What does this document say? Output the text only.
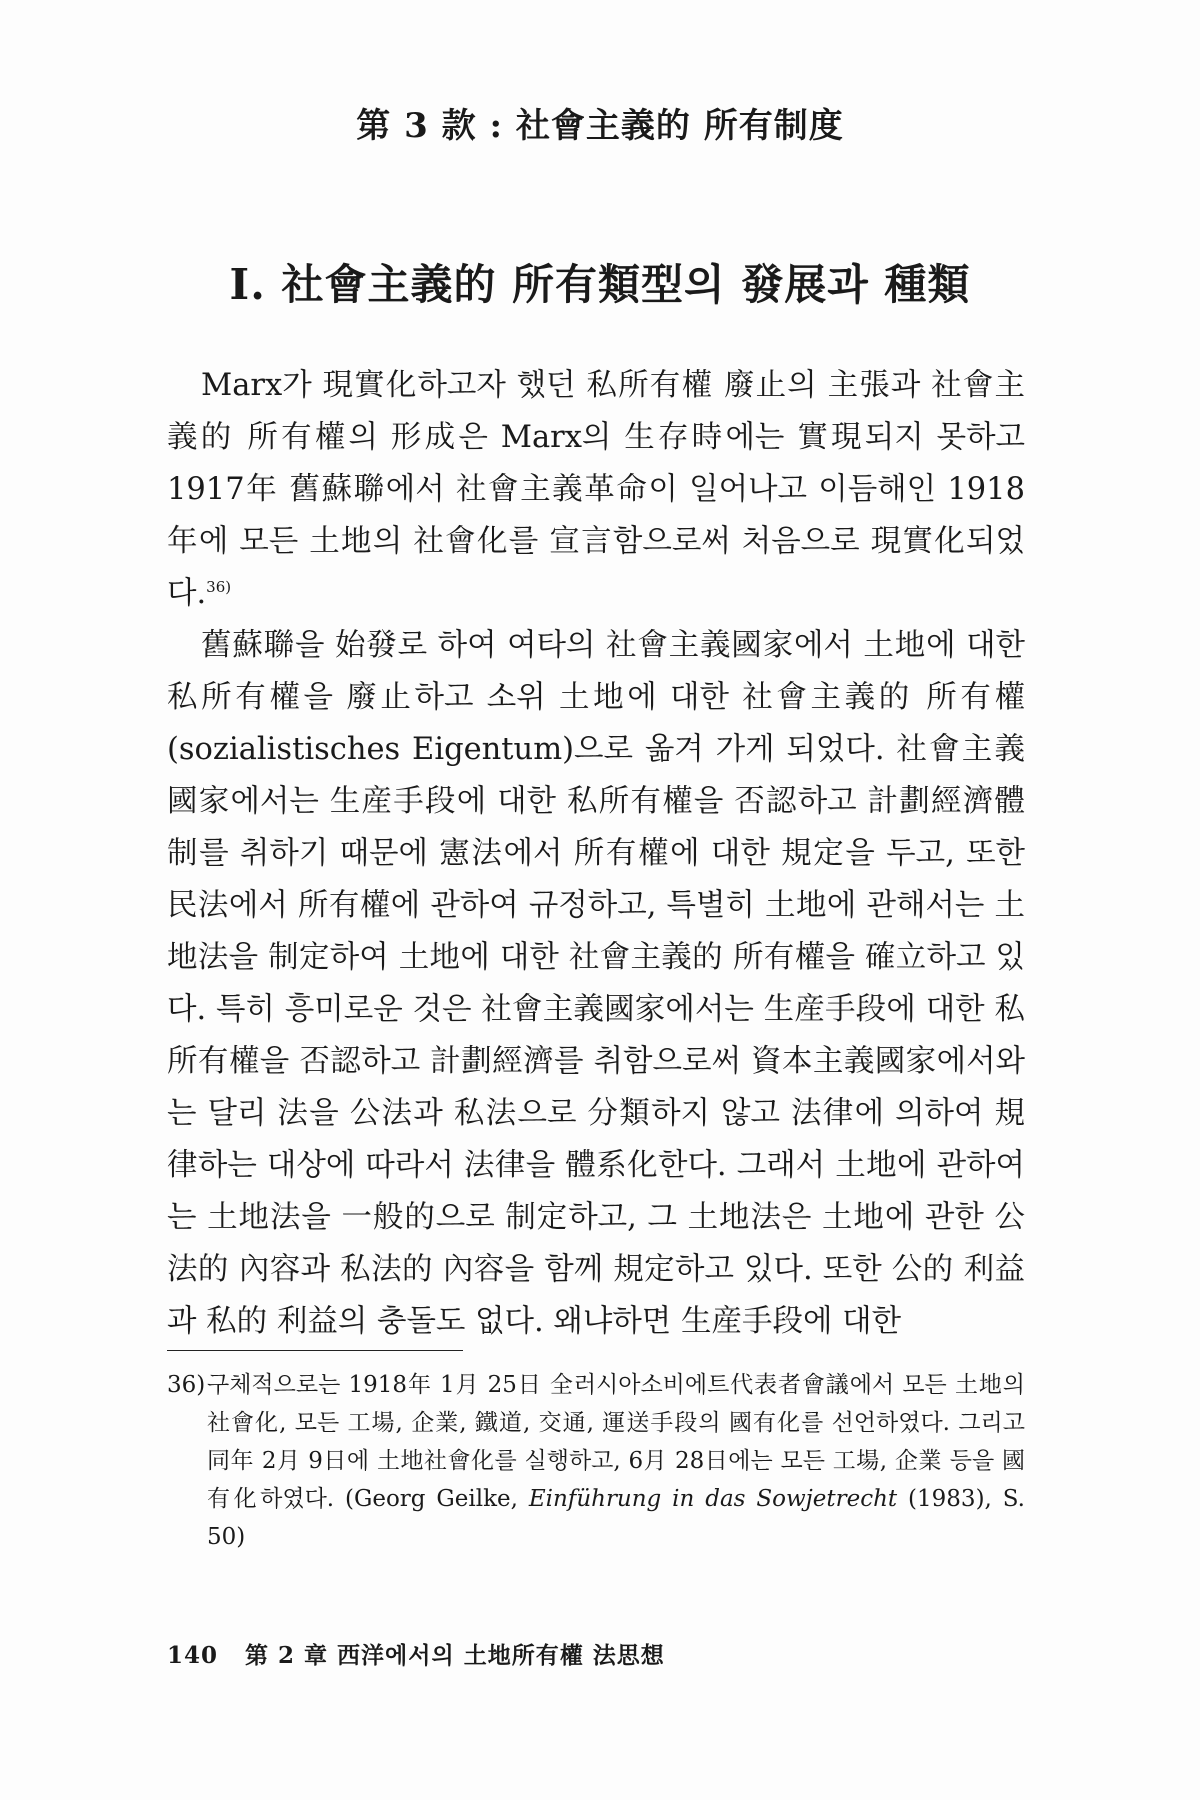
第 3 款 : 社會主義的 所有制度
Ⅰ. 社會主義的 所有類型의 發展과 種類

Marx가 現實化하고자 했던 私所有權 廢止의 主張과 社會主義的 所有權의 形成은 Marx의 生存時에는 實現되지 못하고 1917年 舊蘇聯에서 社會主義革命이 일어나고 이듬해인 1918年에 모든 土地의 社會化를 宣言함으로써 처음으로 現實化되었다.$^{36)}$

舊蘇聯을 始發로 하여 여타의 社會主義國家에서 土地에 대한 私所有權을 廢止하고 소위 土地에 대한 社會主義的 所有權 (sozialistisches Eigentum)으로 옮겨 가게 되었다. 社會主義國家에서는 生産手段에 대한 私所有權을 否認하고 計劃經濟體制를 취하기 때문에 憲法에서 所有權에 대한 規定을 두고, 또한 民法에서 所有權에 관하여 규정하고, 특별히 土地에 관해서는 土地法을 制定하여 土地에 대한 社會主義的 所有權을 確立하고 있다. 특히 흥미로운 것은 社會主義國家에서는 生産手段에 대한 私所有權을 否認하고 計劃經濟를 취함으로써 資本主義國家에서와는 달리 法을 公法과 私法으로 分類하지 않고 法律에 의하여 規律하는 대상에 따라서 法律을 體系化한다. 그래서 土地에 관하여는 土地法을 一般的으로 制定하고, 그 土地法은 土地에 관한 公法的 內容과 私法的 內容을 함께 規定하고 있다. 또한 公的 利益과 私的 利益의 충돌도 없다. 왜냐하면 生産手段에 대한

36) 구체적으로는 1918年 1月 25日 全러시아소비에트代表者會議에서 모든 土地의 社會化, 모든 工場, 企業, 鐵道, 交通, 運送手段의 國有化를 선언하였다. 그리고 同年 2月 9日에 土地社會化를 실행하고, 6月 28日에는 모든 工場, 企業 등을 國有化하였다. (Georg Geilke, Einführung in das Sowjetrecht (1983), S. 50)
140 第 2 章 西洋에서의 土地所有權 法思想
